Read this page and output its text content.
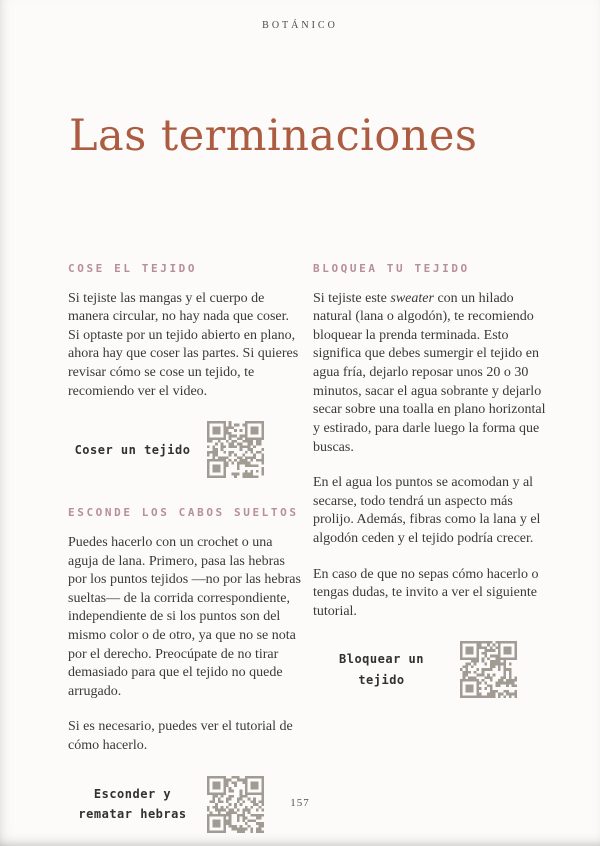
BOTÁNICO
Las terminaciones
COSE EL TEJIDO

Si tejiste las mangas y el cuerpo de manera circular, no hay nada que coser. Si optaste por un tejido abierto en plano, ahora hay que coser las partes. Si quieres revisar cómo se cose un tejido, te recomiendo ver el video.

Coser un tejido
ESCONDE LOS CABOS SUELTOS

Puedes hacerlo con un crochet o una aguja de lana. Primero, pasa las hebras por los puntos tejidos —no por las hebras sueltas— de la corrida correspondiente, independiente de si los puntos son del mismo color o de otro, ya que no se nota por el derecho. Preocúpate de no tirar demasiado para que el tejido no quede arrugado.

Si es necesario, puedes ver el tutorial de cómo hacerlo.

Esconder y rematar hebras
BLOQUEA TU TEJIDO

Si tejiste este sweater con un hilado natural (lana o algodón), te recomiendo bloquear la prenda terminada. Esto significa que debes sumergir el tejido en agua fría, dejarlo reposar unos 20 o 30 minutos, sacar el agua sobrante y dejarlo secar sobre una toalla en plano horizontal y estirado, para darle luego la forma que buscas.

En el agua los puntos se acomodan y al secarse, todo tendrá un aspecto más prolijo. Además, fibras como la lana y el algodón ceden y el tejido podría crecer.

En caso de que no sepas cómo hacerlo o tengas dudas, te invito a ver el siguiente tutorial.

Bloquear un tejido
157
